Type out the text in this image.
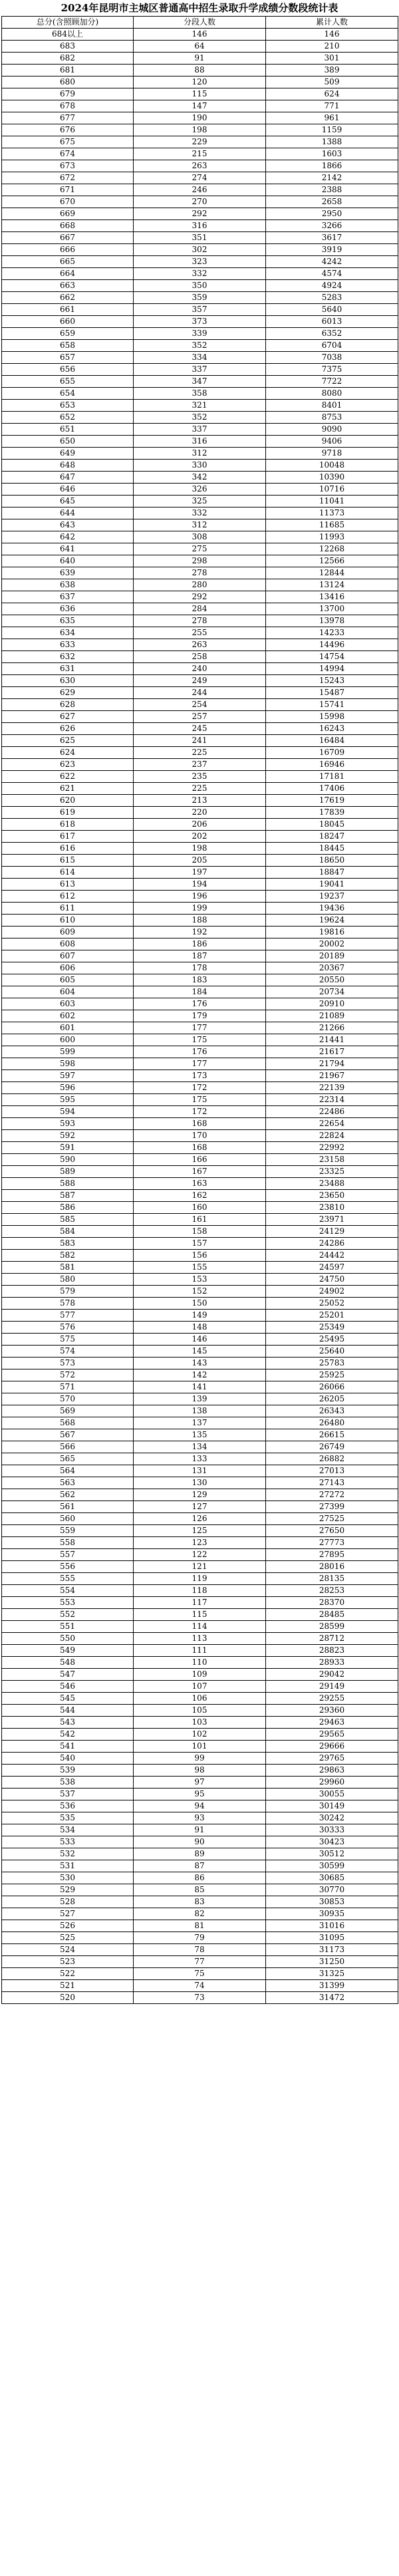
2024年昆明市主城区普通高中招生录取升学成绩分数段统计表
总分(含照顾加分)	分段人数	累计人数
684以上	146	146
683	64	210
682	91	301
681	88	389
680	120	509
679	115	624
678	147	771
677	190	961
676	198	1159
675	229	1388
674	215	1603
673	263	1866
672	274	2142
671	246	2388
670	270	2658
669	292	2950
668	316	3266
667	351	3617
666	302	3919
665	323	4242
664	332	4574
663	350	4924
662	359	5283
661	357	5640
660	373	6013
659	339	6352
658	352	6704
657	334	7038
656	337	7375
655	347	7722
654	358	8080
653	321	8401
652	352	8753
651	337	9090
650	316	9406
649	312	9718
648	330	10048
647	342	10390
646	326	10716
645	325	11041
644	332	11373
643	312	11685
642	308	11993
641	275	12268
640	298	12566
639	278	12844
638	280	13124
637	292	13416
636	284	13700
635	278	13978
634	255	14233
633	263	14496
632	258	14754
631	240	14994
630	249	15243
629	244	15487
628	254	15741
627	257	15998
626	245	16243
625	241	16484
624	225	16709
623	237	16946
622	235	17181
621	225	17406
620	213	17619
619	220	17839
618	206	18045
617	202	18247
616	198	18445
615	205	18650
614	197	18847
613	194	19041
612	196	19237
611	199	19436
610	188	19624
609	192	19816
608	186	20002
607	187	20189
606	178	20367
605	183	20550
604	184	20734
603	176	20910
602	179	21089
601	177	21266
600	175	21441
599	176	21617
598	177	21794
597	173	21967
596	172	22139
595	175	22314
594	172	22486
593	168	22654
592	170	22824
591	168	22992
590	166	23158
589	167	23325
588	163	23488
587	162	23650
586	160	23810
585	161	23971
584	158	24129
583	157	24286
582	156	24442
581	155	24597
580	153	24750
579	152	24902
578	150	25052
577	149	25201
576	148	25349
575	146	25495
574	145	25640
573	143	25783
572	142	25925
571	141	26066
570	139	26205
569	138	26343
568	137	26480
567	135	26615
566	134	26749
565	133	26882
564	131	27013
563	130	27143
562	129	27272
561	127	27399
560	126	27525
559	125	27650
558	123	27773
557	122	27895
556	121	28016
555	119	28135
554	118	28253
553	117	28370
552	115	28485
551	114	28599
550	113	28712
549	111	28823
548	110	28933
547	109	29042
546	107	29149
545	106	29255
544	105	29360
543	103	29463
542	102	29565
541	101	29666
540	99	29765
539	98	29863
538	97	29960
537	95	30055
536	94	30149
535	93	30242
534	91	30333
533	90	30423
532	89	30512
531	87	30599
530	86	30685
529	85	30770
528	83	30853
527	82	30935
526	81	31016
525	79	31095
524	78	31173
523	77	31250
522	75	31325
521	74	31399
520	73	31472
